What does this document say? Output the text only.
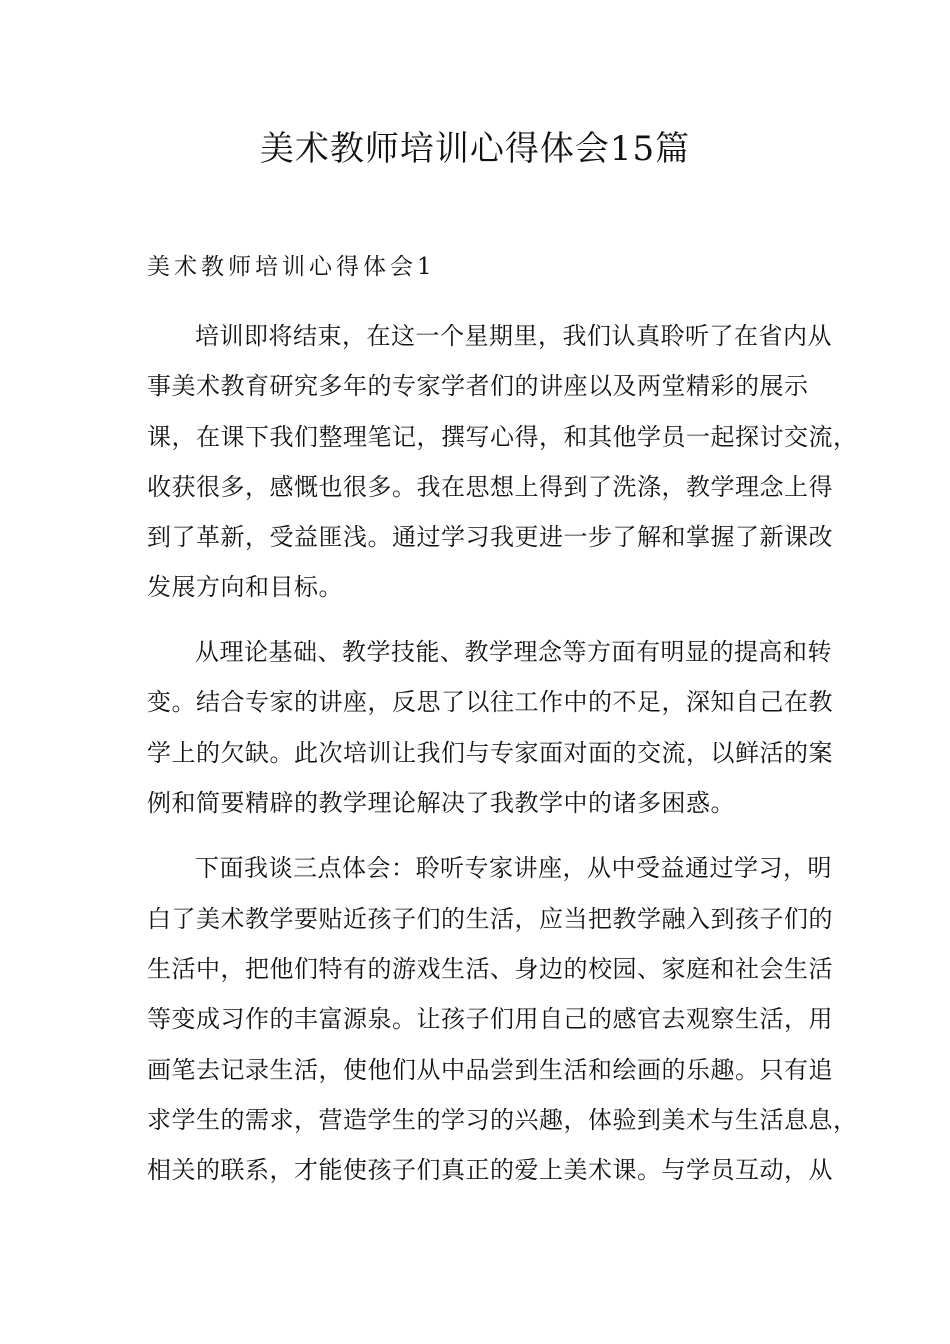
美术教师培训心得体会15篇
美术教师培训心得体会1
培训即将结束，在这一个星期里，我们认真聆听了在省内从
事美术教育研究多年的专家学者们的讲座以及两堂精彩的展示
课，在课下我们整理笔记，撰写心得，和其他学员一起探讨交流，
收获很多，感慨也很多。我在思想上得到了洗涤，教学理念上得
到了革新，受益匪浅。通过学习我更进一步了解和掌握了新课改
发展方向和目标。
从理论基础、教学技能、教学理念等方面有明显的提高和转
变。结合专家的讲座，反思了以往工作中的不足，深知自己在教
学上的欠缺。此次培训让我们与专家面对面的交流，以鲜活的案
例和简要精辟的教学理论解决了我教学中的诸多困惑。
下面我谈三点体会：聆听专家讲座，从中受益通过学习，明
白了美术教学要贴近孩子们的生活，应当把教学融入到孩子们的
生活中，把他们特有的游戏生活、身边的校园、家庭和社会生活
等变成习作的丰富源泉。让孩子们用自己的感官去观察生活，用
画笔去记录生活，使他们从中品尝到生活和绘画的乐趣。只有追
求学生的需求，营造学生的学习的兴趣，体验到美术与生活息息，
相关的联系，才能使孩子们真正的爱上美术课。与学员互动，从
